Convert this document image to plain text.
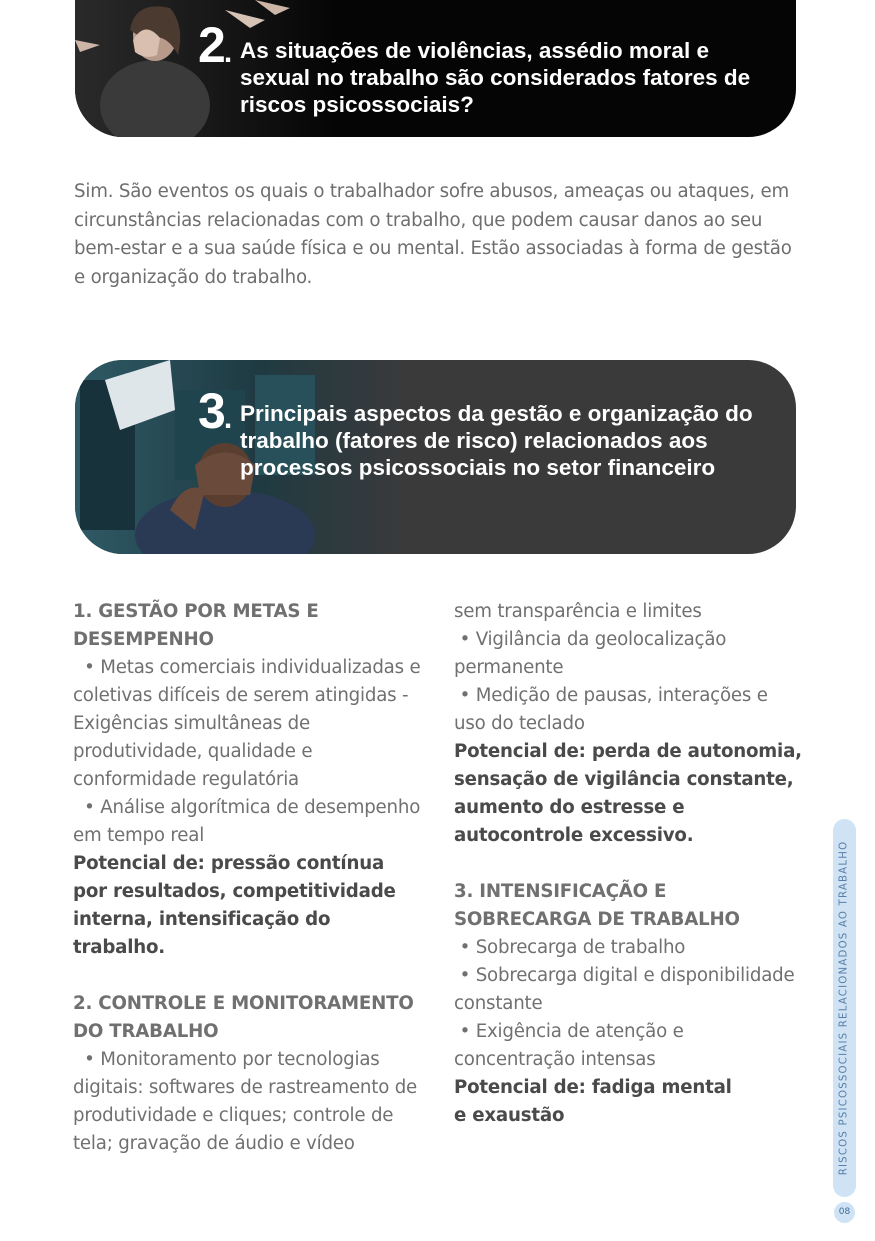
2. As situações de violências, assédio moral e sexual no trabalho são considerados fatores de riscos psicossociais?

Sim. São eventos os quais o trabalhador sofre abusos, ameaças ou ataques, em circunstâncias relacionadas com o trabalho, que podem causar danos ao seu bem-estar e a sua saúde física e ou mental. Estão associadas à forma de gestão e organização do trabalho.

3. Principais aspectos da gestão e organização do trabalho (fatores de risco) relacionados aos processos psicossociais no setor financeiro
1. GESTÃO POR METAS E DESEMPENHO
• Metas comerciais individualizadas e coletivas difíceis de serem atingidas - Exigências simultâneas de produtividade, qualidade e conformidade regulatória
• Análise algorítmica de desempenho em tempo real
Potencial de: pressão contínua por resultados, competitividade interna, intensificação do trabalho.
2. CONTROLE E MONITORAMENTO DO TRABALHO
• Monitoramento por tecnologias digitais: softwares de rastreamento de produtividade e cliques; controle de tela; gravação de áudio e vídeo
sem transparência e limites
• Vigilância da geolocalização permanente
• Medição de pausas, interações e uso do teclado
Potencial de: perda de autonomia, sensação de vigilância constante, aumento do estresse e autocontrole excessivo.
3. INTENSIFICAÇÃO E SOBRECARGA DE TRABALHO
• Sobrecarga de trabalho
• Sobrecarga digital e disponibilidade constante
• Exigência de atenção e concentração intensas
Potencial de: fadiga mental
e exaustão	RISCOS PSICOSSOCIAIS RELACIONADOS AO TRABALHO
08
